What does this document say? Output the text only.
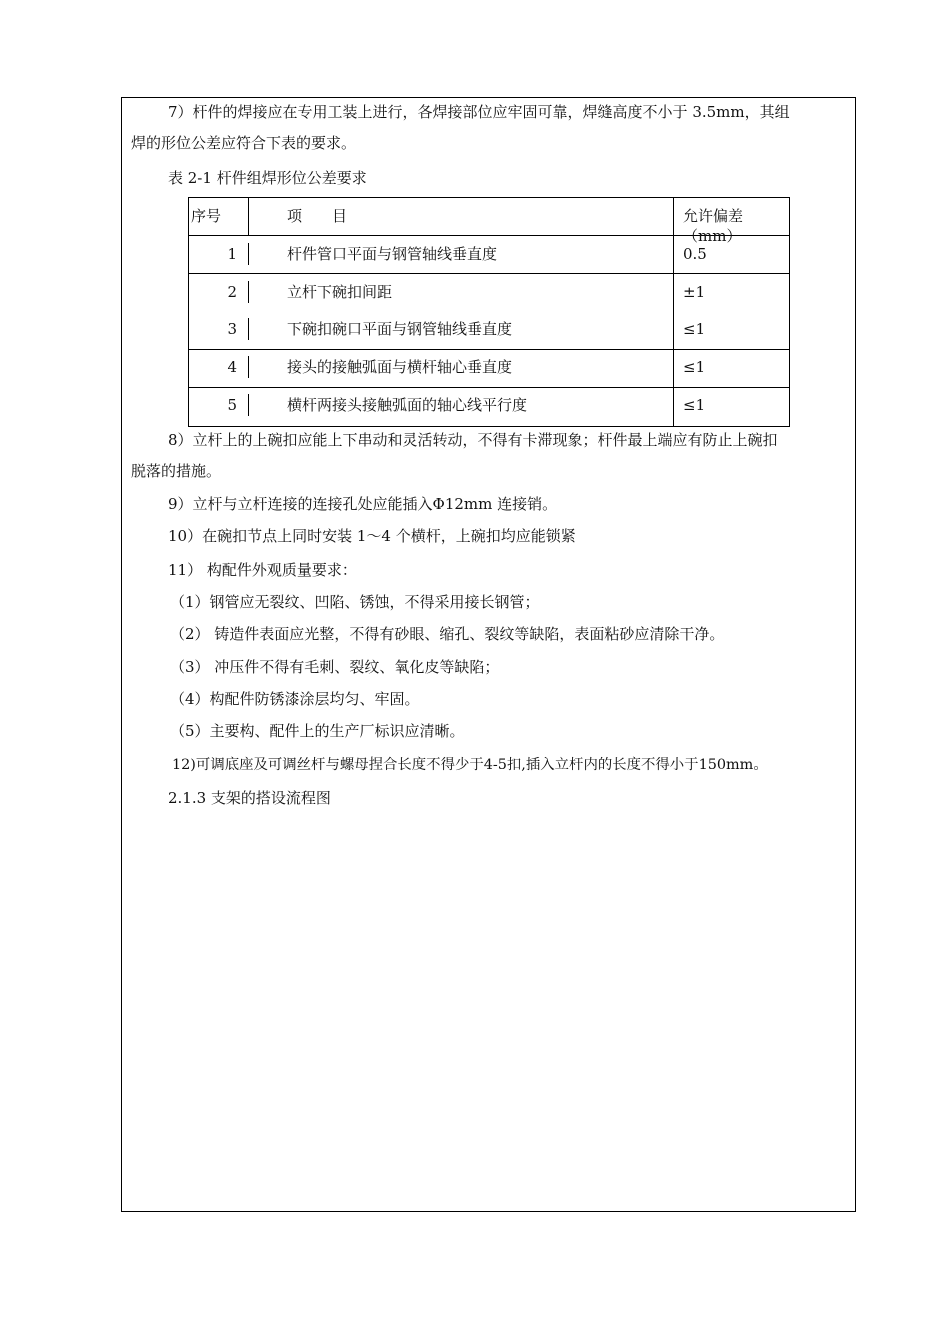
7）杆件的焊接应在专用工装上进行，各焊接部位应牢固可靠，焊缝高度不小于 3.5mm，其组
焊的形位公差应符合下表的要求。
表 2-1 杆件组焊形位公差要求
序号	项　　目	允许偏差（mm）
1	杆件管口平面与钢管轴线垂直度	0.5
2	立杆下碗扣间距	±1
3	下碗扣碗口平面与钢管轴线垂直度	≤1
4	接头的接触弧面与横杆轴心垂直度	≤1
5	横杆两接头接触弧面的轴心线平行度	≤1
8）立杆上的上碗扣应能上下串动和灵活转动，不得有卡滞现象；杆件最上端应有防止上碗扣
脱落的措施。
9）立杆与立杆连接的连接孔处应能插入Φ12mm 连接销。
10）在碗扣节点上同时安装 1～4 个横杆，上碗扣均应能锁紧
11） 构配件外观质量要求：
（1）钢管应无裂纹、凹陷、锈蚀，不得采用接长钢管；
（2） 铸造件表面应光整，不得有砂眼、缩孔、裂纹等缺陷，表面粘砂应清除干净。
（3） 冲压件不得有毛刺、裂纹、氧化皮等缺陷；
（4）构配件防锈漆涂层均匀、牢固。
（5）主要构、配件上的生产厂标识应清晰。
12)可调底座及可调丝杆与螺母捏合长度不得少于4-5扣,插入立杆内的长度不得小于150mm。
2.1.3 支架的搭设流程图
